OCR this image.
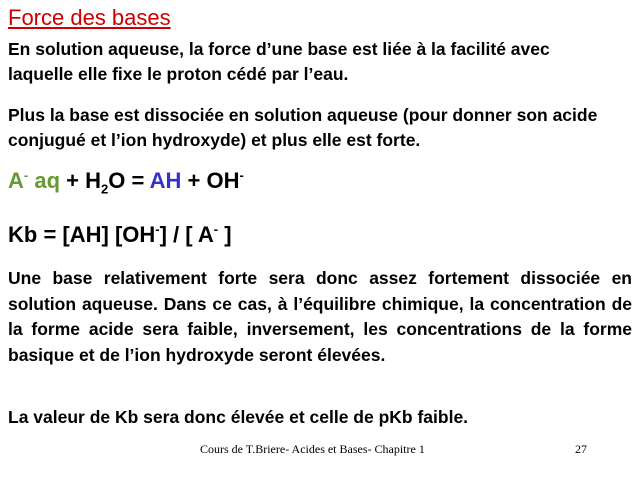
Force des bases
En solution aqueuse, la force d’une base est liée à la facilité avec laquelle elle fixe le proton cédé par l’eau.
Plus la base est dissociée en solution aqueuse (pour donner son acide conjugué et l’ion hydroxyde) et plus elle est forte.
A- aq + $H_2O$ = AH + OH-
Kb = [AH] [OH-] / [ A- ]
Une base relativement forte sera donc assez fortement dissociée en solution aqueuse. Dans ce cas, à l’équilibre chimique, la concentration de la forme acide sera faible, inversement, les concentrations de la forme basique et de l’ion hydroxyde seront élevées.
La valeur de Kb sera donc élevée et celle de pKb faible.
Cours de T.Briere- Acides et Bases- Chapitre 1	27
